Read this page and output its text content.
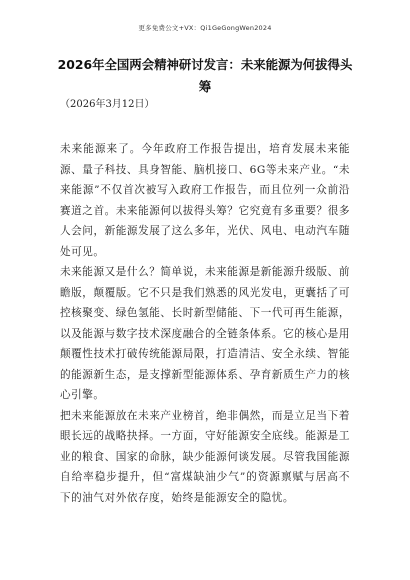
更多免费公文+VX：Qi1GeGongWen2024
2026年全国两会精神研讨发言：未来能源为何拔得头筹
（2026年3月12日）

未来能源来了。今年政府工作报告提出，培育发展未来能源、量子科技、具身智能、脑机接口、6G等未来产业。“未来能源”不仅首次被写入政府工作报告，而且位列一众前沿赛道之首。未来能源何以拔得头筹？它究竟有多重要？很多人会问，新能源发展了这么多年，光伏、风电、电动汽车随处可见。

未来能源又是什么？简单说，未来能源是新能源升级版、前瞻版，颠覆版。它不只是我们熟悉的风光发电，更囊括了可控核聚变、绿色氢能、长时新型储能、下一代可再生能源，以及能源与数字技术深度融合的全链条体系。它的核心是用颠覆性技术打破传统能源局限，打造清洁、安全永续、智能的能源新生态，是支撑新型能源体系、孕育新质生产力的核心引擎。

把未来能源放在未来产业榜首，绝非偶然，而是立足当下着眼长远的战略抉择。一方面，守好能源安全底线。能源是工业的粮食、国家的命脉，缺少能源何谈发展。尽管我国能源自给率稳步提升，但“富煤缺油少气”的资源禀赋与居高不下的油气对外依存度，始终是能源安全的隐忧。
